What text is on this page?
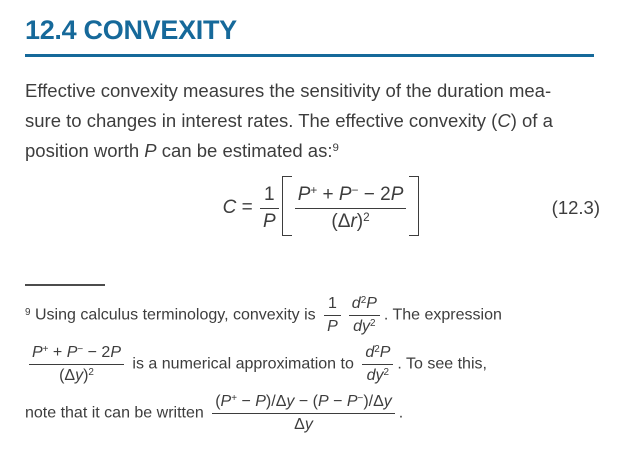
12.4 CONVEXITY
Effective convexity measures the sensitivity of the duration mea-
sure to changes in interest rates. The effective convexity (C) of a
position worth P can be estimated as:$^9$
$C = \frac{1}{P} \frac{P^+ + P^- - 2P}{(\Delta r)^2}$	(12.3)
$^9$ Using calculus terminology, convexity is $\frac{1}{P} \frac{d^2P}{dy^2}$ . The expression
$\frac{P^+ + P^- - 2P}{(\Delta y)^2}$ is a numerical approximation to $\frac{d^2P}{dy^2}$ . To see this,
note that it can be written $\frac{(P^+ - P)/\Delta y - (P - P^-)/\Delta y}{\Delta y}$ .
